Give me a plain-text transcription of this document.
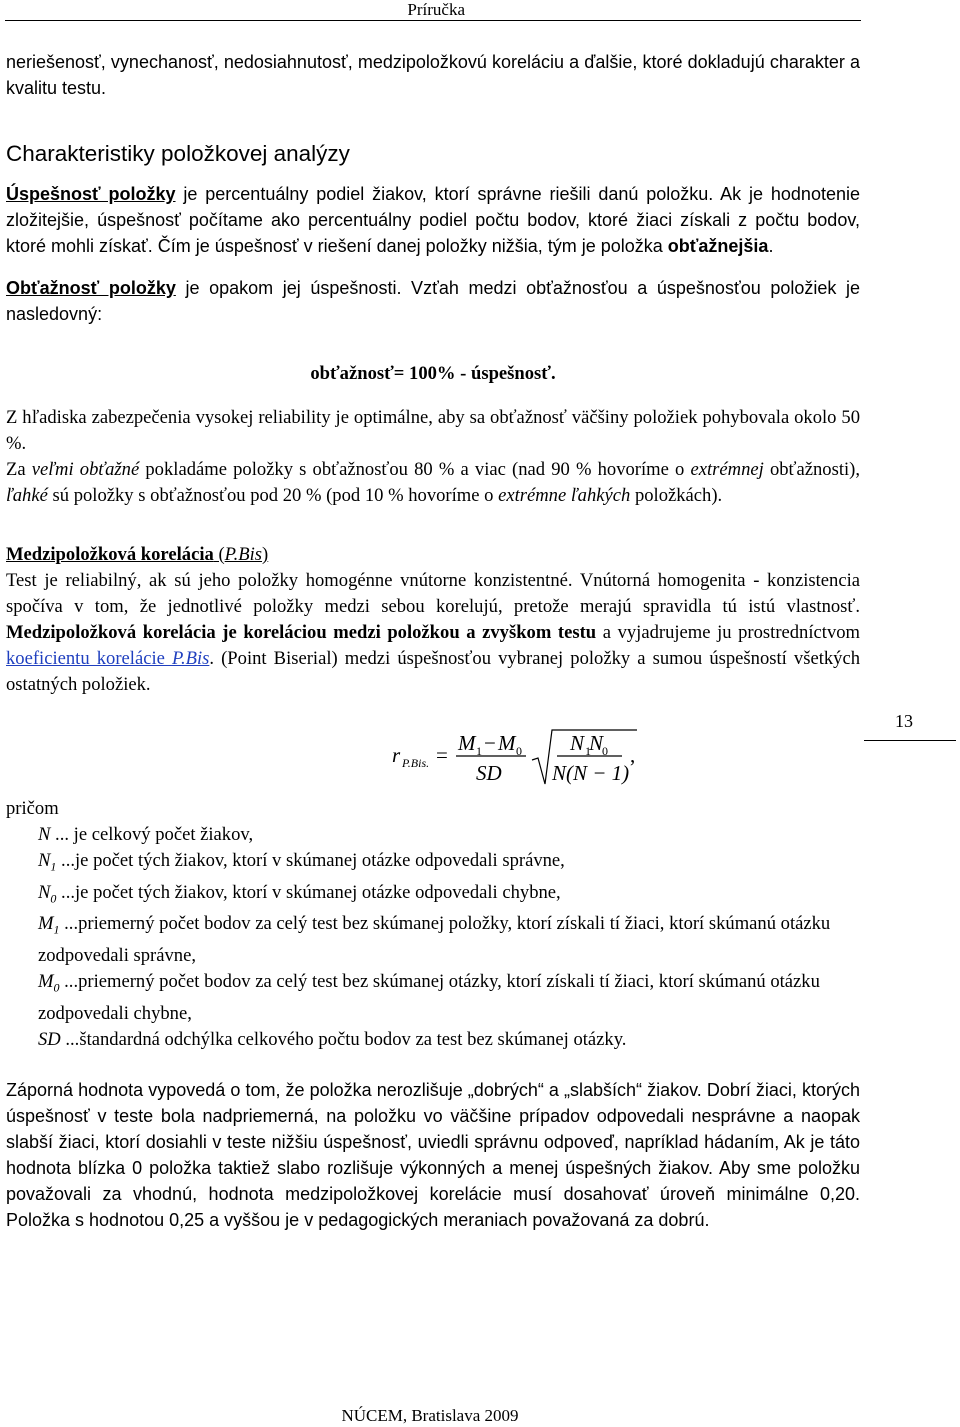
Príručka

neriešenosť, vynechanosť, nedosiahnutosť, medzipoložkovú koreláciu a ďalšie, ktoré dokladujú charakter a kvalitu testu.

Charakteristiky položkovej analýzy

Úspešnosť položky je percentuálny podiel žiakov, ktorí správne riešili danú položku. Ak je hodnotenie zložitejšie, úspešnosť počítame ako percentuálny podiel počtu bodov, ktoré žiaci získali z počtu bodov, ktoré mohli získať. Čím je úspešnosť v riešení danej položky nižšia, tým je položka obťažnejšia.

Obťažnosť položky je opakom jej úspešnosti. Vzťah medzi obťažnosťou a úspešnosťou položiek je nasledovný:

obťažnosť= 100% - úspešnosť.

Z hľadiska zabezpečenia vysokej reliability je optimálne, aby sa obťažnosť väčšiny položiek pohybovala okolo 50 %.

Za veľmi obťažné pokladáme položky s obťažnosťou 80 % a viac (nad 90 % hovoríme o extrémnej obťažnosti), ľahké sú položky s obťažnosťou pod 20 % (pod 10 % hovoríme o extrémne ľahkých položkách).

Medzipoložková korelácia (P.Bis)

Test je reliabilný, ak sú jeho položky homogénne vnútorne konzistentné. Vnútorná homogenita - konzistencia spočíva v tom, že jednotlivé položky medzi sebou korelujú, pretože merajú spravidla tú istú vlastnosť. Medzipoložková korelácia je koreláciou medzi položkou a zvyškom testu a vyjadrujeme ju prostredníctvom koeficientu korelácie P.Bis. (Point Biserial) medzi úspešnosťou vybranej položky a sumou úspešností všetkých ostatných položiek.

r P.Bis. = M 1 − M 0
SD
N 1
N
0
N(N − 1)
,

pričom

N ... je celkový počet žiakov,

$N_1$ ...je počet tých žiakov, ktorí v skúmanej otázke odpovedali správne,

$N_0$ ...je počet tých žiakov, ktorí v skúmanej otázke odpovedali chybne,

$M_1$ ...priemerný počet bodov za celý test bez skúmanej položky, ktorí získali tí žiaci, ktorí skúmanú otázku zodpovedali správne,

$M_0$ ...priemerný počet bodov za celý test bez skúmanej otázky, ktorí získali tí žiaci, ktorí skúmanú otázku zodpovedali chybne,

SD ...štandardná odchýlka celkového počtu bodov za test bez skúmanej otázky.

Záporná hodnota vypovedá o tom, že položka nerozlišuje „dobrých“ a „slabších“ žiakov. Dobrí žiaci, ktorých úspešnosť v teste bola nadpriemerná, na položku vo väčšine prípadov odpovedali nesprávne a naopak slabší žiaci, ktorí dosiahli v teste nižšiu úspešnosť, uviedli správnu odpoveď, napríklad hádaním, Ak je táto hodnota blízka 0 položka taktiež slabo rozlišuje výkonných a menej úspešných žiakov. Aby sme položku považovali za vhodnú, hodnota medzipoložkovej korelácie musí dosahovať úroveň minimálne 0,20. Položka s hodnotou 0,25 a vyššou je v pedagogických meraniach považovaná za dobrú.

13
NÚCEM, Bratislava 2009
